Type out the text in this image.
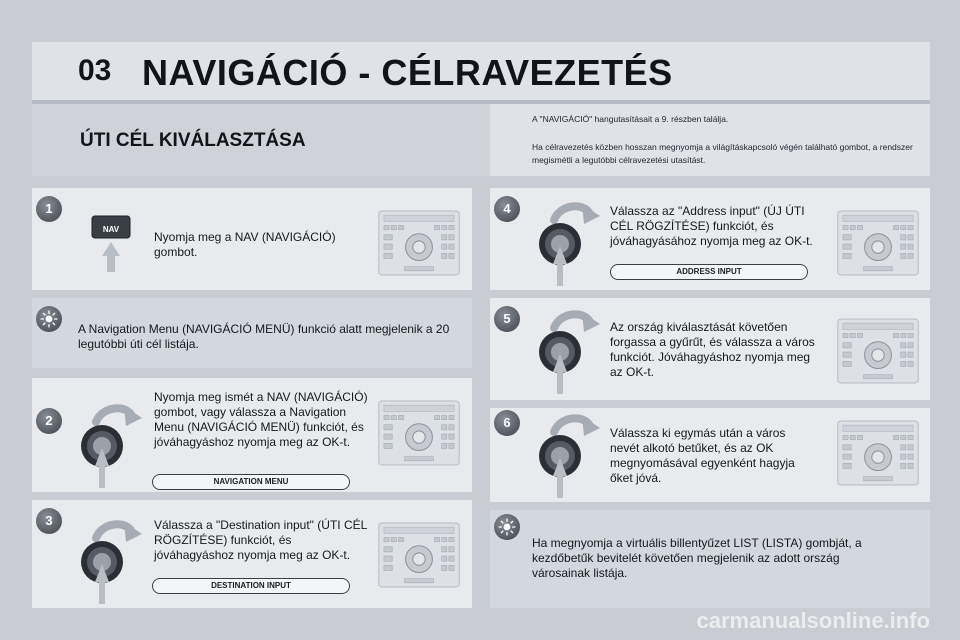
03 NAVIGÁCIÓ - CÉLRAVEZETÉS
ÚTI CÉL KIVÁLASZTÁSA
A "NAVIGÁCIÓ" hangutasításait a 9. részben találja.
Ha célravezetés közben hosszan megnyomja a világításkapcsoló végén található gombot, a rendszer megismétli a legutóbbi célravezetési utasítást.
1
NAV
Nyomja meg a NAV (NAVIGÁCIÓ) gombot.
A Navigation Menu (NAVIGÁCIÓ MENÜ) funkció alatt megjelenik a 20 legutóbbi úti cél listája.
2
Nyomja meg ismét a NAV (NAVIGÁCIÓ) gombot, vagy válassza a Navigation Menu (NAVIGÁCIÓ MENÜ) funkciót, és jóváhagyáshoz nyomja meg az OK-t.
NAVIGATION MENU
3	Válassza a "Destination input" (ÚTI CÉL RÖGZÍTÉSE) funkciót, és jóváhagyáshoz nyomja meg az OK-t.
DESTINATION INPUT
4	Válassza az "Address input" (ÚJ ÚTI CÉL RÖGZÍTÉSE) funkciót, és jóváhagyásához nyomja meg az OK-t.
ADDRESS INPUT
5
Az ország kiválasztását követően forgassa a gyűrűt, és válassza a város funkciót. Jóváhagyáshoz nyomja meg az OK-t.
6
Válassza ki egymás után a város nevét alkotó betűket, és az OK megnyomásával egyenként hagyja őket jóvá.
Ha megnyomja a virtuális billentyűzet LIST (LISTA) gombját, a kezdőbetűk bevitelét követően megjelenik az adott ország városainak listája.
carmanualsonline.info
